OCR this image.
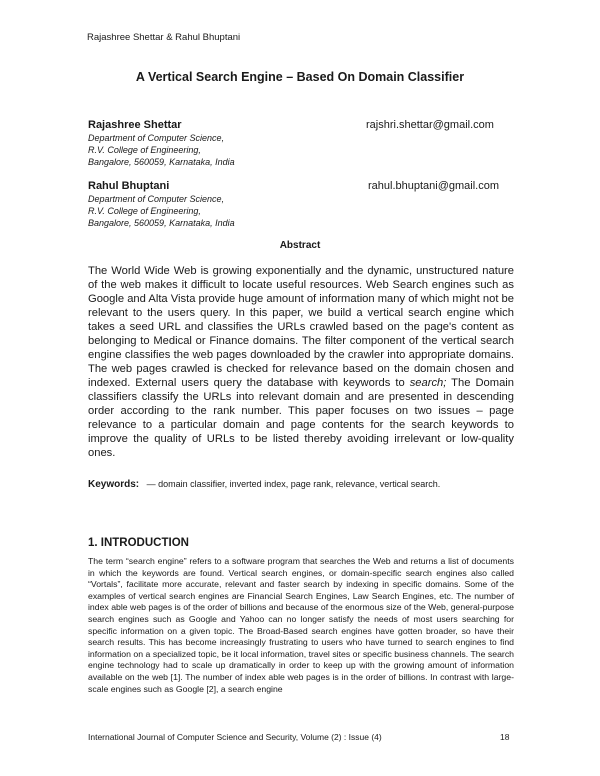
Rajashree Shettar & Rahul Bhuptani
A Vertical Search Engine – Based On Domain Classifier
Rajashree Shettar	rajshri.shettar@gmail.com
Department of Computer Science,
R.V. College of Engineering,
Bangalore, 560059, Karnataka, India
Rahul Bhuptani	rahul.bhuptani@gmail.com
Department of Computer Science,
R.V. College of Engineering,
Bangalore, 560059, Karnataka, India
Abstract
The World Wide Web is growing exponentially and the dynamic, unstructured nature of the web makes it difficult to locate useful resources. Web Search engines such as Google and Alta Vista provide huge amount of information many of which might not be relevant to the users query. In this paper, we build a vertical search engine which takes a seed URL and classifies the URLs crawled based on the page's content as belonging to Medical or Finance domains. The filter component of the vertical search engine classifies the web pages downloaded by the crawler into appropriate domains. The web pages crawled is checked for relevance based on the domain chosen and indexed. External users query the database with keywords to search; The Domain classifiers classify the URLs into relevant domain and are presented in descending order according to the rank number. This paper focuses on two issues – page relevance to a particular domain and page contents for the search keywords to improve the quality of URLs to be listed thereby avoiding irrelevant or low-quality ones.
Keywords: — domain classifier, inverted index, page rank, relevance, vertical search.
1. INTRODUCTION
The term “search engine” refers to a software program that searches the Web and returns a list of documents in which the keywords are found. Vertical search engines, or domain-specific search engines also called “Vortals”, facilitate more accurate, relevant and faster search by indexing in specific domains. Some of the examples of vertical search engines are Financial Search Engines, Law Search Engines, etc. The number of index able web pages is of the order of billions and because of the enormous size of the Web, general-purpose search engines such as Google and Yahoo can no longer satisfy the needs of most users searching for specific information on a given topic. The Broad-Based search engines have gotten broader, so have their search results. This has become increasingly frustrating to users who have turned to search engines to find information on a specialized topic, be it local information, travel sites or specific business channels. The search engine technology had to scale up dramatically in order to keep up with the growing amount of information available on the web [1]. The number of index able web pages is in the order of billions. In contrast with large-scale engines such as Google [2], a search engine
International Journal of Computer Science and Security, Volume (2) : Issue (4)	18
